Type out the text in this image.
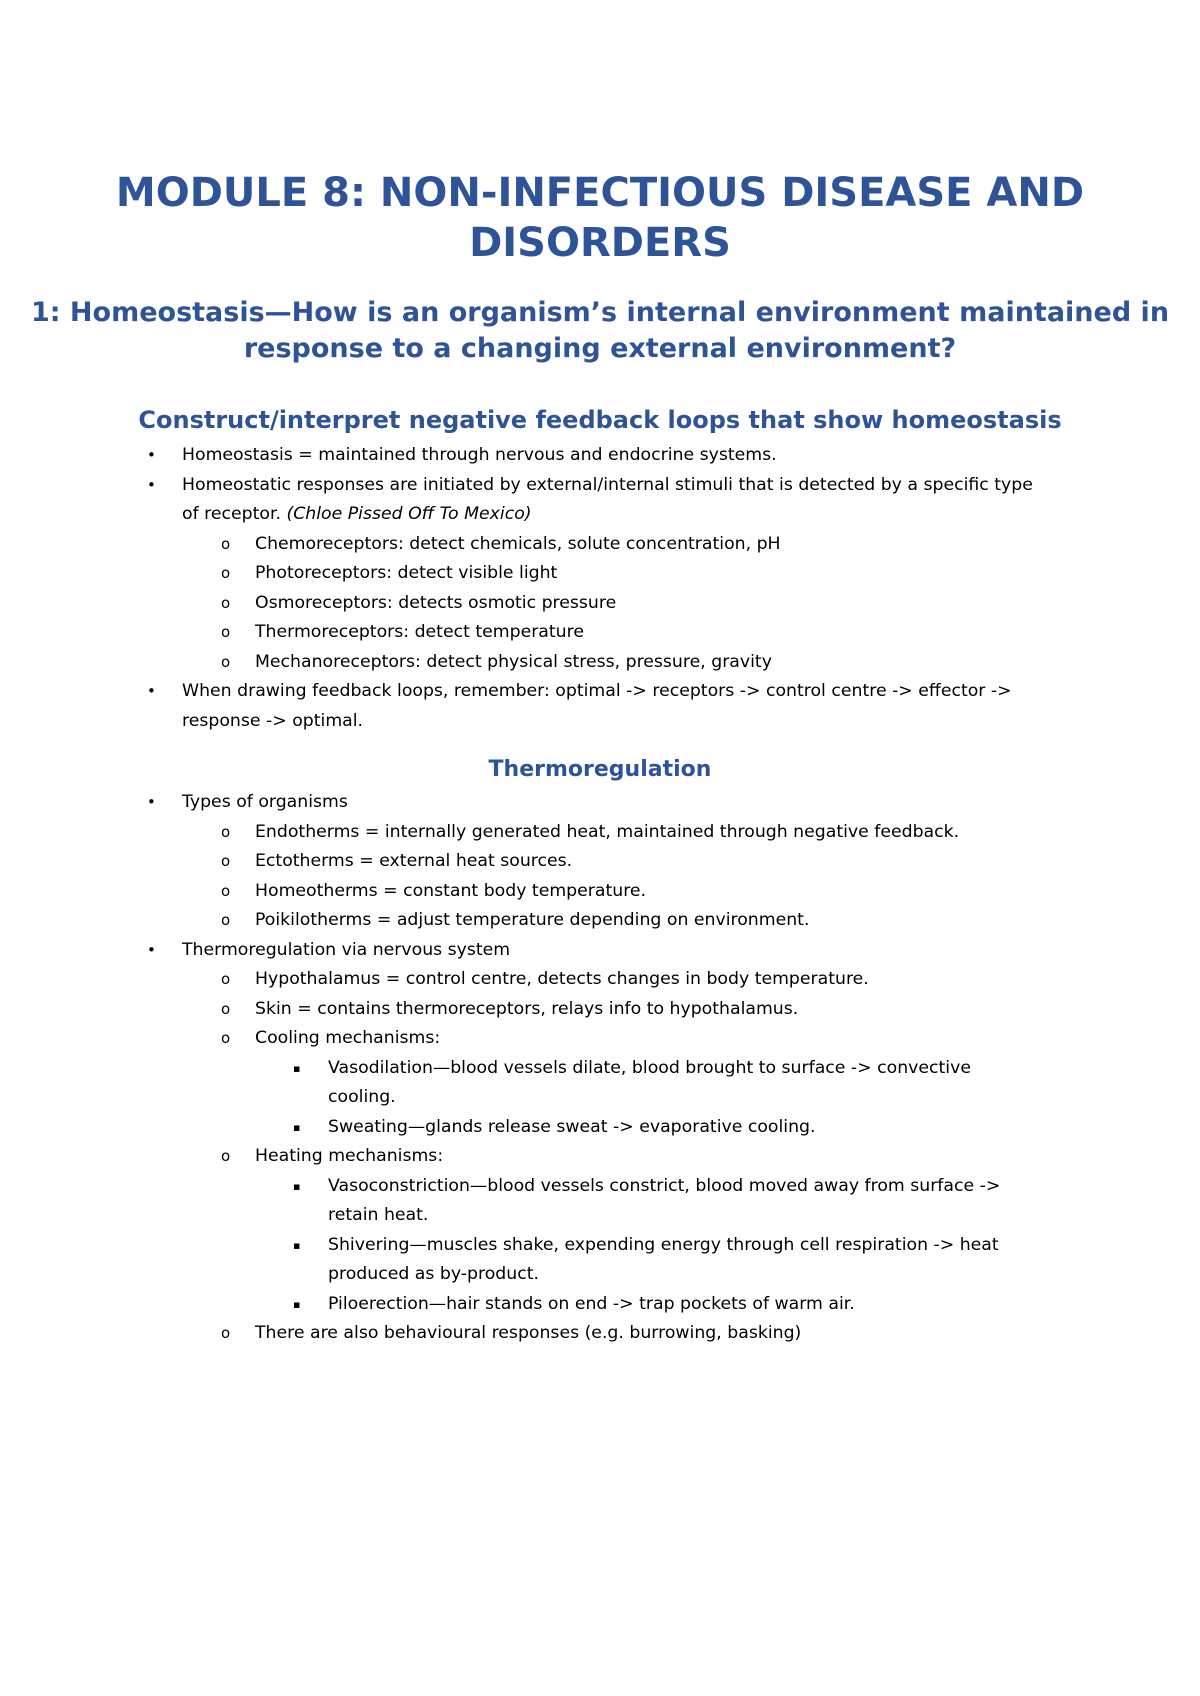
MODULE 8: NON-INFECTIOUS DISEASE AND DISORDERS
1: Homeostasis—How is an organism’s internal environment maintained in response to a changing external environment?
Construct/interpret negative feedback loops that show homeostasis
• Homeostasis = maintained through nervous and endocrine systems.
• Homeostatic responses are initiated by external/internal stimuli that is detected by a specific type of receptor. (Chloe Pissed Off To Mexico)
o Chemoreceptors: detect chemicals, solute concentration, pH
o Photoreceptors: detect visible light
o Osmoreceptors: detects osmotic pressure
o Thermoreceptors: detect temperature
o Mechanoreceptors: detect physical stress, pressure, gravity
• When drawing feedback loops, remember: optimal -> receptors -> control centre -> effector -> response -> optimal.
Thermoregulation
• Types of organisms
o Endotherms = internally generated heat, maintained through negative feedback.
o Ectotherms = external heat sources.
o Homeotherms = constant body temperature.
o Poikilotherms = adjust temperature depending on environment.
• Thermoregulation via nervous system
o Hypothalamus = control centre, detects changes in body temperature.
o Skin = contains thermoreceptors, relays info to hypothalamus.
o Cooling mechanisms:
▪ Vasodilation—blood vessels dilate, blood brought to surface -> convective cooling.
▪ Sweating—glands release sweat -> evaporative cooling.
o Heating mechanisms:
▪ Vasoconstriction—blood vessels constrict, blood moved away from surface -> retain heat.
▪ Shivering—muscles shake, expending energy through cell respiration -> heat produced as by-product.
▪ Piloerection—hair stands on end -> trap pockets of warm air.
o There are also behavioural responses (e.g. burrowing, basking)
